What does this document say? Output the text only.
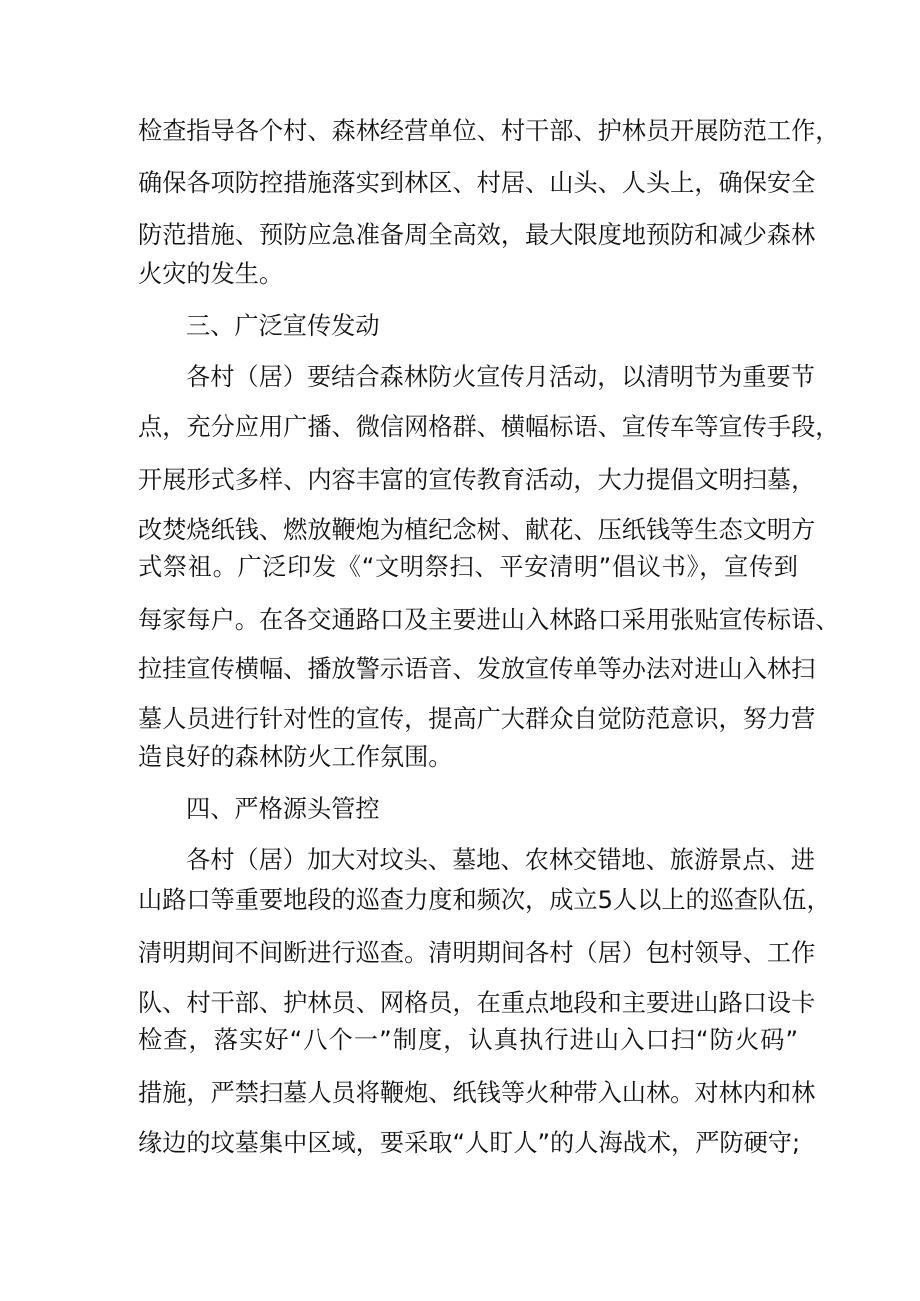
检查指导各个村、森林经营单位、村干部、护林员开展防范工作，
确保各项防控措施落实到林区、村居、山头、人头上，确保安全
防范措施、预防应急准备周全高效，最大限度地预防和减少森林
火灾的发生。
三、广泛宣传发动
各村（居）要结合森林防火宣传月活动，以清明节为重要节
点，充分应用广播、微信网格群、横幅标语、宣传车等宣传手段，
开展形式多样、内容丰富的宣传教育活动，大力提倡文明扫墓，
改焚烧纸钱、燃放鞭炮为植纪念树、献花、压纸钱等生态文明方
式祭祖。广泛印发《“文明祭扫、平安清明”倡议书》，宣传到
每家每户。在各交通路口及主要进山入林路口采用张贴宣传标语、
拉挂宣传横幅、播放警示语音、发放宣传单等办法对进山入林扫
墓人员进行针对性的宣传，提高广大群众自觉防范意识，努力营
造良好的森林防火工作氛围。
四、严格源头管控
各村（居）加大对坟头、墓地、农林交错地、旅游景点、进
山路口等重要地段的巡查力度和频次，成立5人以上的巡查队伍，
清明期间不间断进行巡查。清明期间各村（居）包村领导、工作
队、村干部、护林员、网格员，在重点地段和主要进山路口设卡
检查，落实好“八个一”制度，认真执行进山入口扫“防火码”
措施，严禁扫墓人员将鞭炮、纸钱等火种带入山林。对林内和林
缘边的坟墓集中区域，要采取“人盯人”的人海战术，严防硬守;
